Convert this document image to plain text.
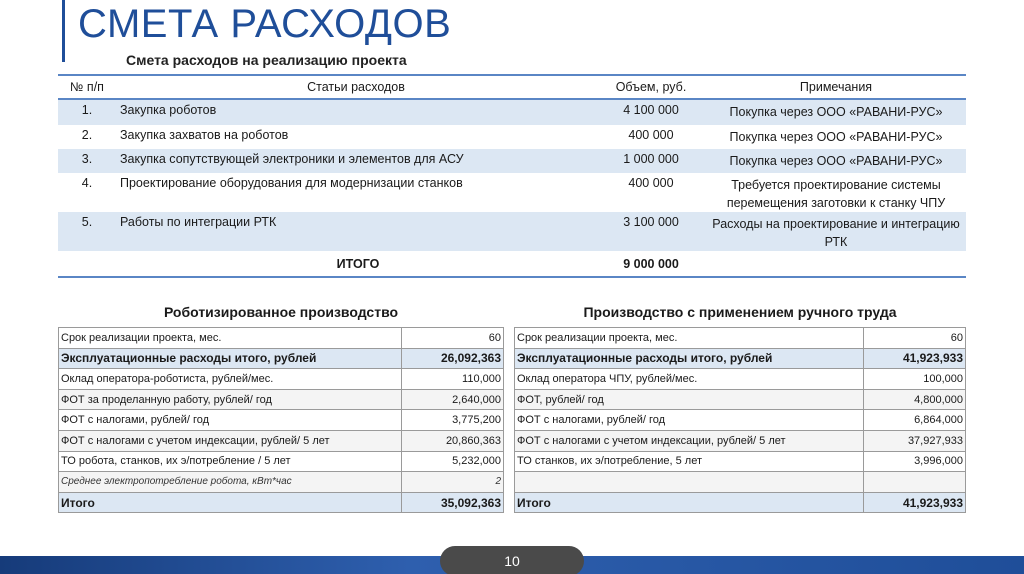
СМЕТА РАСХОДОВ
Смета расходов на реализацию проекта
№ п/п	Статьи расходов	Объем, руб.	Примечания
1.	Закупка роботов	4 100 000	Покупка через ООО «РАВАНИ-РУС»
2.	Закупка захватов на роботов	400 000	Покупка через ООО «РАВАНИ-РУС»
3.	Закупка сопутствующей электроники и элементов для АСУ	1 000 000	Покупка через ООО «РАВАНИ-РУС»
4.	Проектирование оборудования для модернизации станков	400 000	Требуется проектирование системы перемещения заготовки к станку ЧПУ
5.	Работы по интеграции РТК	3 100 000	Расходы на проектирование и интеграцию РТК
	ИТОГО	9 000 000	
Роботизированное производство	Производство с применением ручного труда
Срок реализации проекта, мес.	60
Эксплуатационные расходы итого, рублей	26,092,363
Оклад оператора-роботиста, рублей/мес.	110,000
ФОТ за проделанную работу, рублей/ год	2,640,000
ФОТ с налогами, рублей/ год	3,775,200
ФОТ с налогами с учетом индексации, рублей/ 5 лет	20,860,363
ТО робота, станков, их э/потребление / 5 лет	5,232,000
Среднее электропотребление робота, кВт*час	2
Итого	35,092,363
Срок реализации проекта, мес.	60
Эксплуатационные расходы итого, рублей	41,923,933
Оклад оператора ЧПУ, рублей/мес.	100,000
ФОТ, рублей/ год	4,800,000
ФОТ с налогами, рублей/ год	6,864,000
ФОТ с налогами с учетом индексации, рублей/ 5 лет	37,927,933
ТО станков, их э/потребление, 5 лет	3,996,000

Итого	41,923,933
10
